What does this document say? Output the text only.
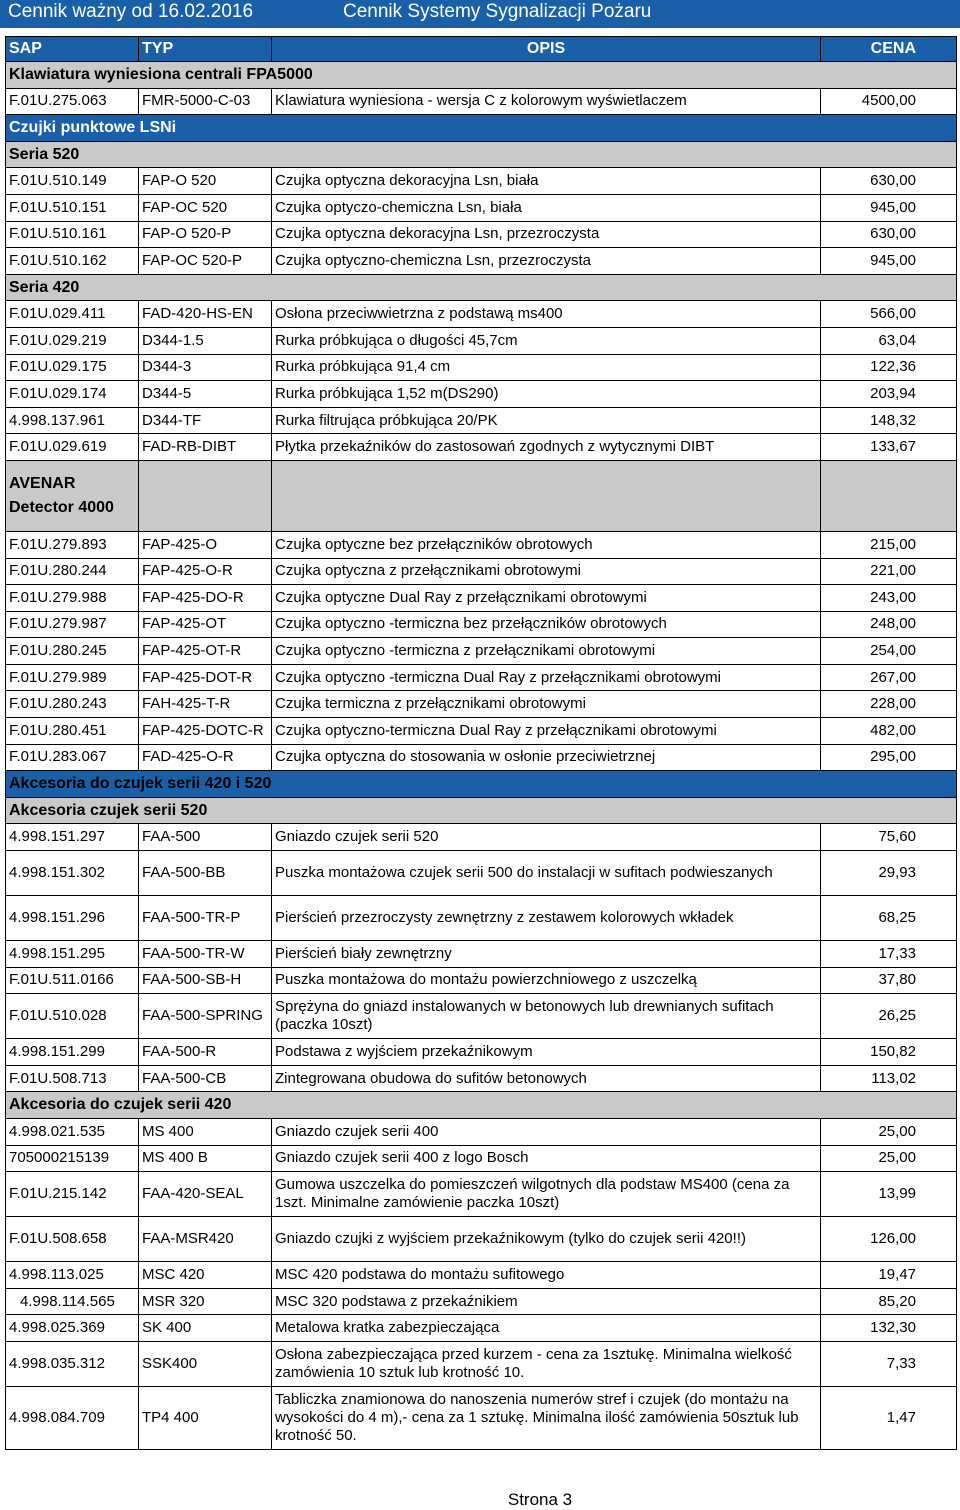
Cennik ważny od 16.02.2016	Cennik Systemy Sygnalizacji Pożaru
SAP	TYP	OPIS	CENA
Klawiatura wyniesiona centrali FPA5000			
F.01U.275.063	FMR-5000-C-03	Klawiatura wyniesiona - wersja C z kolorowym wyświetlaczem	4500,00
Czujki punktowe LSNi			
Seria 520			
F.01U.510.149	FAP-O 520	Czujka optyczna dekoracyjna Lsn, biała	630,00
F.01U.510.151	FAP-OC 520	Czujka optyczo-chemiczna Lsn, biała	945,00
F.01U.510.161	FAP-O 520-P	Czujka optyczna dekoracyjna Lsn, przezroczysta	630,00
F.01U.510.162	FAP-OC 520-P	Czujka optyczno-chemiczna Lsn, przezroczysta	945,00
Seria 420			
F.01U.029.411	FAD-420-HS-EN	Osłona przeciwwietrzna z podstawą ms400	566,00
F.01U.029.219	D344-1.5	Rurka próbkująca o długości 45,7cm	63,04
F.01U.029.175	D344-3	Rurka próbkująca 91,4 cm	122,36
F.01U.029.174	D344-5	Rurka próbkująca 1,52 m(DS290)	203,94
4.998.137.961	D344-TF	Rurka filtrująca próbkująca 20/PK	148,32
F.01U.029.619	FAD-RB-DIBT	Płytka przekaźników do zastosowań zgodnych z wytycznymi DIBT	133,67
AVENAR Detector 4000			
F.01U.279.893	FAP-425-O	Czujka optyczne bez przełączników obrotowych	215,00
F.01U.280.244	FAP-425-O-R	Czujka optyczna z przełącznikami obrotowymi	221,00
F.01U.279.988	FAP-425-DO-R	Czujka optyczne Dual Ray z przełącznikami obrotowymi	243,00
F.01U.279.987	FAP-425-OT	Czujka optyczno -termiczna bez przełączników obrotowych	248,00
F.01U.280.245	FAP-425-OT-R	Czujka optyczno -termiczna z przełącznikami obrotowymi	254,00
F.01U.279.989	FAP-425-DOT-R	Czujka optyczno -termiczna Dual Ray z przełącznikami obrotowymi	267,00
F.01U.280.243	FAH-425-T-R	Czujka termiczna z przełącznikami obrotowymi	228,00
F.01U.280.451	FAP-425-DOTC-R	Czujka optyczno-termiczna Dual Ray z przełącznikami obrotowymi	482,00
F.01U.283.067	FAD-425-O-R	Czujka optyczna do stosowania w osłonie przeciwietrznej	295,00
Akcesoria do czujek serii 420 i 520			
Akcesoria czujek serii 520			
4.998.151.297	FAA-500	Gniazdo czujek serii 520	75,60
4.998.151.302	FAA-500-BB	Puszka montażowa czujek serii 500 do instalacji w sufitach podwieszanych	29,93
4.998.151.296	FAA-500-TR-P	Pierścień przezroczysty zewnętrzny z zestawem kolorowych wkładek	68,25
4.998.151.295	FAA-500-TR-W	Pierścień biały zewnętrzny	17,33
F.01U.511.0166	FAA-500-SB-H	Puszka montażowa do montażu powierzchniowego z uszczelką	37,80
F.01U.510.028	FAA-500-SPRING	Sprężyna do gniazd instalowanych w betonowych lub drewnianych sufitach (paczka 10szt)	26,25
4.998.151.299	FAA-500-R	Podstawa z wyjściem przekaźnikowym	150,82
F.01U.508.713	FAA-500-CB	Zintegrowana obudowa do sufitów betonowych	113,02
Akcesoria do czujek serii 420			
4.998.021.535	MS 400	Gniazdo czujek serii 400	25,00
705000215139	MS 400 B	Gniazdo czujek serii 400 z logo Bosch	25,00
F.01U.215.142	FAA-420-SEAL	Gumowa uszczelka do pomieszczeń wilgotnych dla podstaw MS400 (cena za 1szt. Minimalne zamówienie paczka 10szt)	13,99
F.01U.508.658	FAA-MSR420	Gniazdo czujki z wyjściem przekaźnikowym (tylko do czujek serii 420!!)	126,00
4.998.113.025	MSC 420	MSC 420 podstawa do montażu sufitowego	19,47
4.998.114.565	MSR 320	MSC 320 podstawa z przekaźnikiem	85,20
4.998.025.369	SK 400	Metalowa kratka zabezpieczająca	132,30
4.998.035.312	SSK400	Osłona zabezpieczająca przed kurzem - cena za 1sztukę. Minimalna wielkość zamówienia 10 sztuk lub krotność 10.	7,33
4.998.084.709	TP4 400	Tabliczka znamionowa do nanoszenia numerów stref i czujek (do montażu na wysokości do 4 m),- cena za 1 sztukę. Minimalna ilość zamówienia 50sztuk lub krotność 50.	1,47
Strona 3
